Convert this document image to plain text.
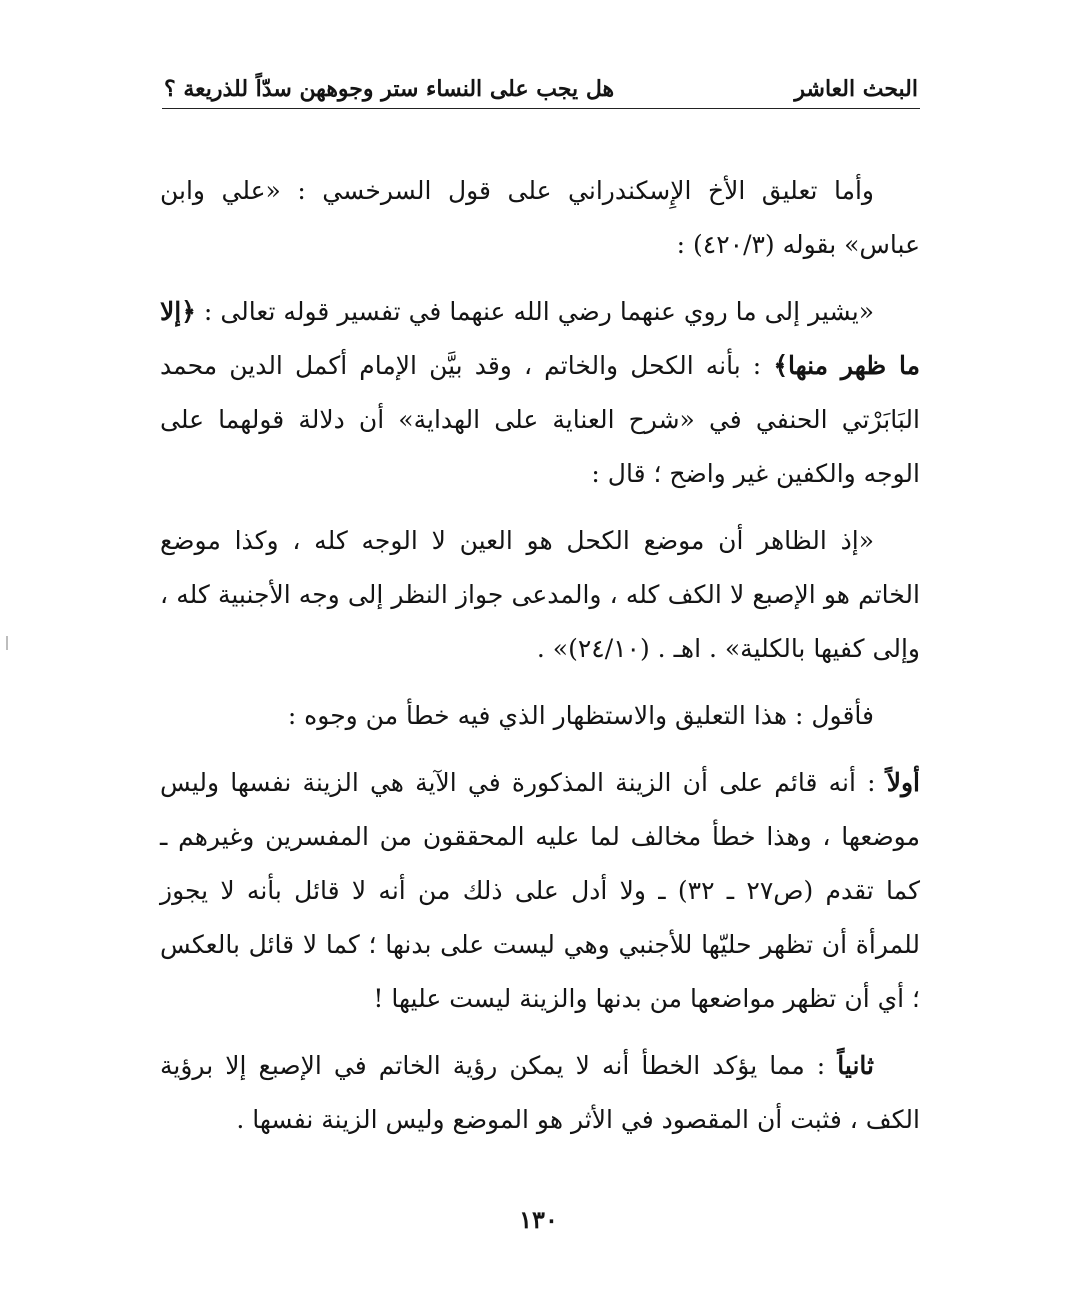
البحث العاشر
هل يجب على النساء ستر وجوههن سدّاً للذريعة ؟

وأما تعليق الأخ الإِسكندراني على قول السرخسي : «علي وابن عباس» بقوله (٤٢٠/٣) :

«يشير إلى ما روي عنهما رضي الله عنهما في تفسير قوله تعالى : ﴿إلا ما ظهر منها﴾ : بأنه الكحل والخاتم ، وقد بيَّن الإمام أكمل الدين محمد البَابَرْتي الحنفي في «شرح العناية على الهداية» أن دلالة قولهما على الوجه والكفين غير واضح ؛ قال :

«إذ الظاهر أن موضع الكحل هو العين لا الوجه كله ، وكذا موضع الخاتم هو الإصبع لا الكف كله ، والمدعى جواز النظر إلى وجه الأجنبية كله ، وإلى كفيها بالكلية» . اهـ . (٢٤/١٠)» .

فأقول : هذا التعليق والاستظهار الذي فيه خطأ من وجوه :

أولاً : أنه قائم على أن الزينة المذكورة في الآية هي الزينة نفسها وليس موضعها ، وهذا خطأ مخالف لما عليه المحققون من المفسرين وغيرهم ـ كما تقدم (ص٢٧ ـ ٣٢) ـ ولا أدل على ذلك من أنه لا قائل بأنه لا يجوز للمرأة أن تظهر حليّها للأجنبي وهي ليست على بدنها ؛ كما لا قائل بالعكس ؛ أي أن تظهر مواضعها من بدنها والزينة ليست عليها !

ثانياً : مما يؤكد الخطأ أنه لا يمكن رؤية الخاتم في الإصبع إلا برؤية الكف ، فثبت أن المقصود في الأثر هو الموضع وليس الزينة نفسها .

١٣٠
